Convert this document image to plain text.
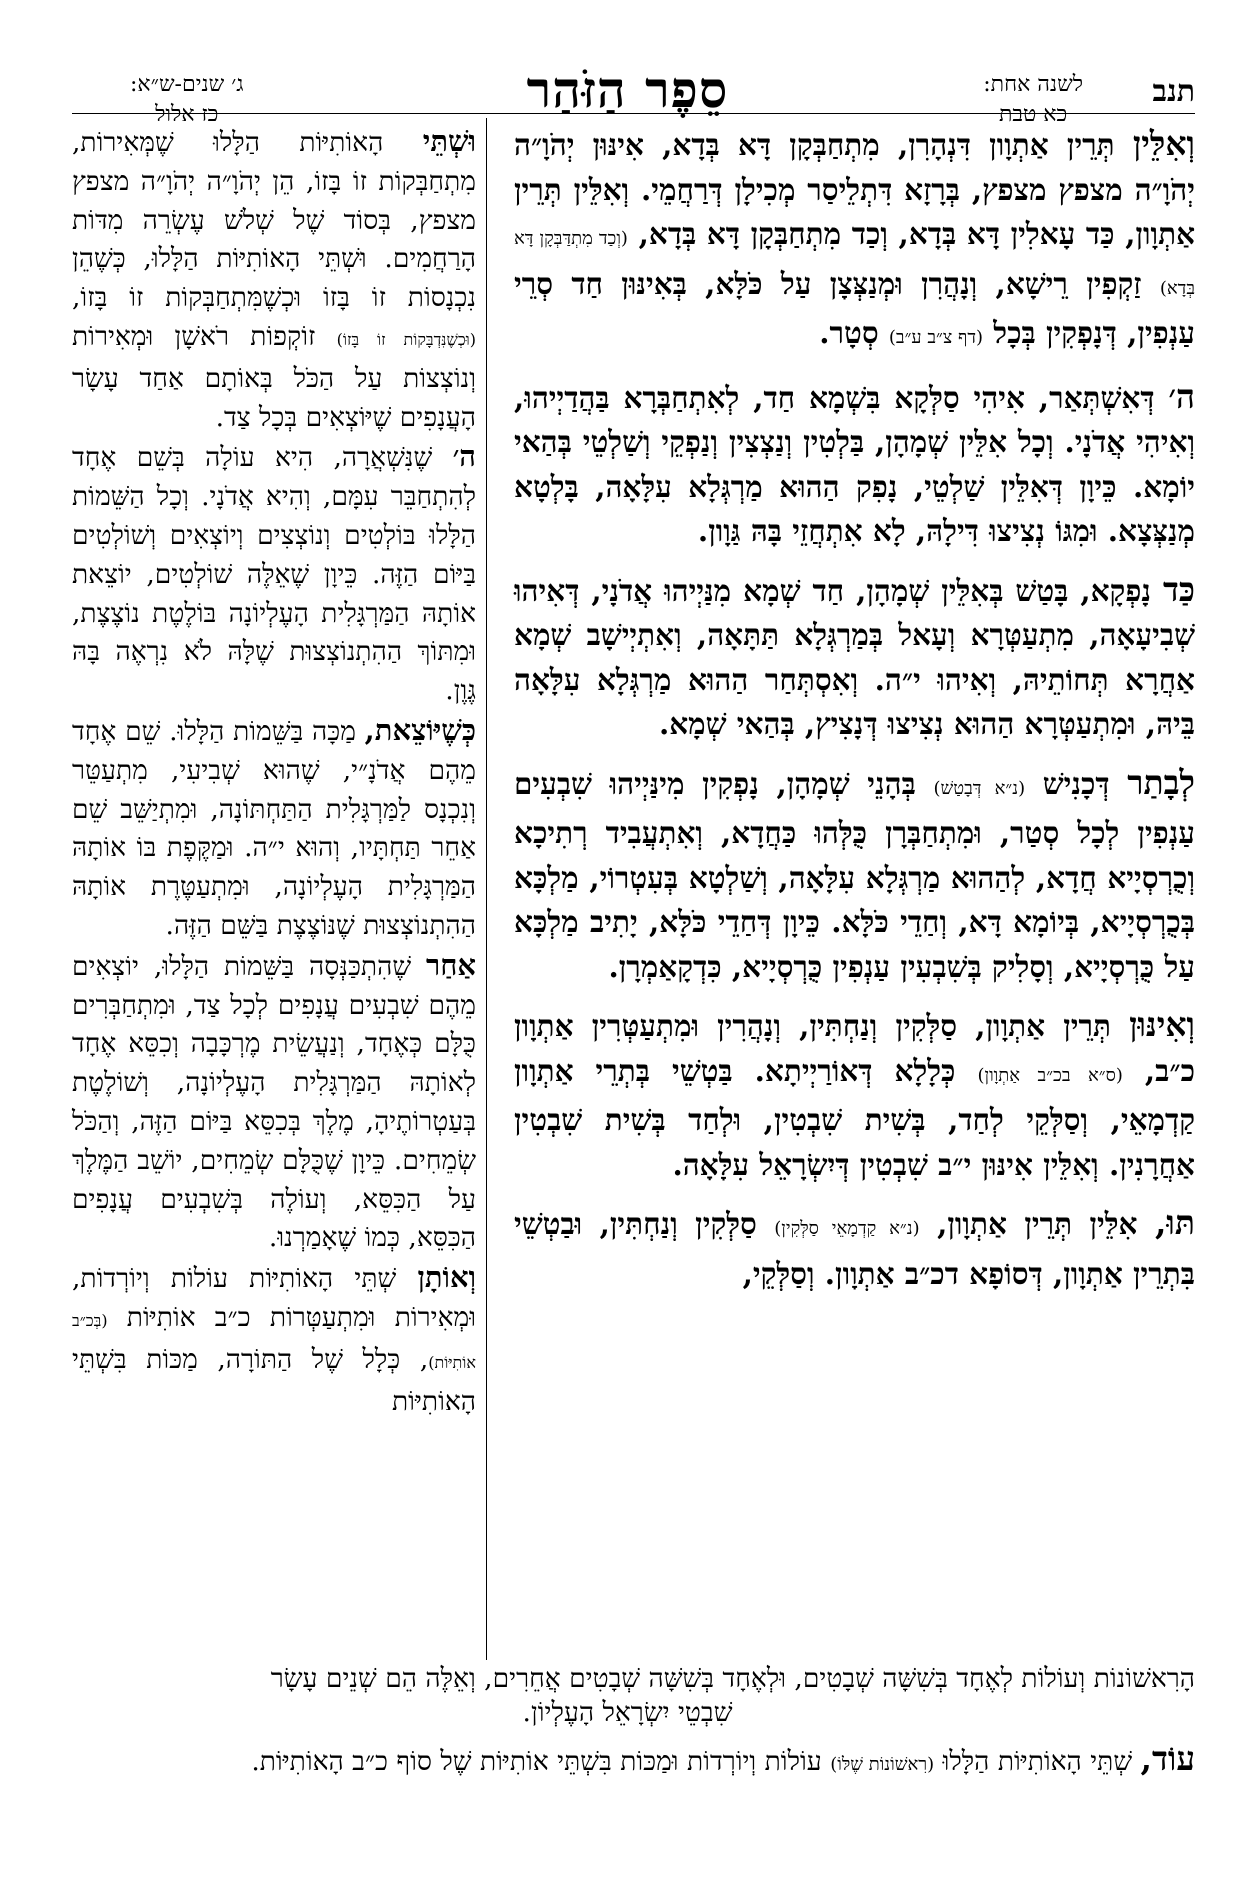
תנב
לשנה אחת:
כא טבת
סֵפֶר הַזֹּהַר
ג׳ שנים-ש״א:
כז אלול

וְאִלֵּין תְּרֵין אַתְוָון דִּנְהָרִן, מִתְחַבְּקָן דָּא בְּדָא, אִינּוּן יְהֹוָ״ה יְהֹוָ״ה מצפץ מצפץ, בְּרָזָא דִּתְלֵיסַר מְכִילָן דְּרַחֲמֵי. וְאִלֵּין תְּרֵין אַתְוָון, כַּד עָאלִין דָּא בְּדָא, וְכַד מִתְחַבְּקָן דָּא בְּדָא, (וְכַד מִתְדַּבְּקָן דָּא בְּדָא) זַקְפִין רֵישָׁא, וְנָהֲרִן וּמְנַצְּצָן עַל כֹּלָּא, בְּאִינּוּן חַד סְרֵי עַנְפִין, דְּנָפְקִין בְּכָל (דף צ״ב ע״ב) סְטָר.

ה׳ דְּאִשְׁתְּאַר, אִיהִי סַלְּקָא בִּשְׁמָא חַד, לְאִתְחַבְּרָא בַּהֲדַיְיהוּ, וְאִיהִי אֲדֹנָי. וְכָל אִלֵּין שְׁמָהָן, בַּלְטִין וְנַצְצִין וְנַפְקֵי וְשַׁלְטֵי בְּהַאי יוֹמָא. כֵּיוָן דְּאִלֵּין שַׁלְטֵי, נָפִק הַהוּא מַרְגְּלָא עִלָּאָה, בָּלְטָא מְנַצְּצָא. וּמִגּוֹ נְצִיצוּ דִּילָהּ, לָא אִתְחֲזֵי בָּהּ גַּוָון.

כַּד נָפְקָא, בָּטַשׁ בְּאִלֵּין שְׁמָהָן, חַד שְׁמָא מִנַּיְיהוּ אֲדֹנָי, דְּאִיהוּ שְׁבִיעָאָה, מִתְעַטְּרָא וְעָאל בְּמַרְגְּלָא תַּתָּאָה, וְאִתְיְישָׁב שְׁמָא אַחֲרָא תְּחוֹתֵיהּ, וְאִיהוּ י״ה. וְאִסְתְּחַר הַהוּא מַרְגְּלָא עִלָּאָה בֵּיהּ, וּמִתְעַטְּרָא הַהוּא נְצִיצוּ דְּנָצִיץ, בְּהַאי שְׁמָא.

לְבָתַר דְּכָנִישׁ (נ״א דְּבָטַשׁ) בְּהָנֵי שְׁמָהָן, נָפְקִין מִינַּיְיהוּ שִׁבְעִים עַנְפִין לְכָל סְטַר, וּמִתְחַבְּרָן כֻּלְּהוּ כַּחֲדָא, וְאִתְעֲבִיד רְתִיכָא וְכֻרְסְיָיא חֲדָא, לְהַהוּא מַרְגְּלָא עִלָּאָה, וְשַׁלְטָא בְּעִטְרוֹי, מַלְכָּא בְּכֻרְסְיָיא, בְּיוֹמָא דָּא, וְחַדֵי כֹּלָּא. כֵּיוָן דְּחַדֵי כֹּלָּא, יָתִיב מַלְכָּא עַל כֻּרְסְיָיא, וְסָלִיק בְּשִׁבְעִין עַנְפִין כֻּרְסְיָיא, כִּדְקָאַמְרָן.

וְאִינּוּן תְּרֵין אַתְוָון, סַלְּקִין וְנַחְתִּין, וְנָהֲרִין וּמִתְעַטְּרִין אַתְוָון כ״ב, (ס״א בכ״ב אַתְוָון) כְּלָלָא דְּאוֹרַיְיתָא. בַּטְשֵׁי בְּתְרֵי אַתְוָון קַדְמָאֵי, וְסַלְּקֵי לְחַד, בְּשִׁית שִׁבְטִין, וּלְחַד בְּשִׁית שִׁבְטִין אַחֲרָנִין. וְאִלֵּין אִינּוּן י״ב שִׁבְטִין דְּיִשְׂרָאֵל עִלָּאָה.

תּוּ, אִלֵּין תְּרֵין אַתְוָון, (נ״א קַדְמָאֵי סַלְּקִין) סַלְּקִין וְנַחְתִּין, וּבַטְשֵׁי בִּתְרֵין אַתְוָון, דְּסוֹפָא דכ״ב אַתְוָון. וְסַלְּקֵי,

וּשְׁתֵּי הָאוֹתִיּוֹת הַלָּלוּ שֶׁמְּאִירוֹת, מִתְחַבְּקוֹת זוֹ בָּזוֹ, הֵן יְהֹוָ״ה יְהֹוָ״ה מצפץ מצפץ, בְּסוֹד שֶׁל שְׁלֹשׁ עֶשְׂרֵה מִדּוֹת הָרַחֲמִים. וּשְׁתֵּי הָאוֹתִיּוֹת הַלָּלוּ, כְּשֶׁהֵן נִכְנָסוֹת זוֹ בָּזוֹ וּכְשֶׁמִּתְחַבְּקוֹת זוֹ בָּזוֹ, (וּכְשֶׁנִּדְבָּקוֹת זוֹ בָּזוֹ) זוֹקְפוֹת רֹאשָׁן וּמְאִירוֹת וְנוֹצְצוֹת עַל הַכֹּל בְּאוֹתָם אַחַד עָשָׂר הָעֲנָפִים שֶׁיּוֹצְאִים בְּכָל צַד.

ה׳ שֶׁנִּשְׁאֲרָה, הִיא עוֹלָה בְּשֵׁם אֶחָד לְהִתְחַבֵּר עִמָּם, וְהִיא אֲדֹנָי. וְכָל הַשֵּׁמוֹת הַלָּלוּ בּוֹלְטִים וְנוֹצְצִים וְיוֹצְאִים וְשׁוֹלְטִים בַּיּוֹם הַזֶּה. כֵּיוָן שֶׁאֵלֶּה שׁוֹלְטִים, יוֹצֵאת אוֹתָהּ הַמַּרְגָּלִית הָעֶלְיוֹנָה בּוֹלֶטֶת נוֹצֶצֶת, וּמִתּוֹךְ הַהִתְנוֹצְצוּת שֶׁלָּהּ לֹא נִרְאֶה בָּהּ גֶּוֶן.

כְּשֶׁיּוֹצֵאת, מַכָּה בַּשֵּׁמוֹת הַלָּלוּ. שֵׁם אֶחָד מֵהֶם אֲדֹנָ״י, שֶׁהוּא שְׁבִיעִי, מִתְעַטֵּר וְנִכְנָס לַמַּרְגָּלִית הַתַּחְתּוֹנָה, וּמִתְיַשֵּׁב שֵׁם אַחֵר תַּחְתָּיו, וְהוּא י״ה. וּמַקֶּפֶת בּוֹ אוֹתָהּ הַמַּרְגָּלִית הָעֶלְיוֹנָה, וּמִתְעַטֶּרֶת אוֹתָהּ הַהִתְנוֹצְצוּת שֶׁנּוֹצֶצֶת בַּשֵּׁם הַזֶּה.

אַחַר שֶׁהִתְכַּנְּסָה בַּשֵּׁמוֹת הַלָּלוּ, יוֹצְאִים מֵהֶם שִׁבְעִים עֲנָפִים לְכָל צַד, וּמִתְחַבְּרִים כֻּלָּם כְּאֶחָד, וְנַעֲשֵׂית מֶרְכָּבָה וְכִסֵּא אֶחָד לְאוֹתָהּ הַמַּרְגָּלִית הָעֶלְיוֹנָה, וְשׁוֹלֶטֶת בְּעַטְרוֹתֶיהָ, מֶלֶךְ בְּכִסֵּא בַּיּוֹם הַזֶּה, וְהַכֹּל שְׂמֵחִים. כֵּיוָן שֶׁכֻּלָּם שְׂמֵחִים, יוֹשֵׁב הַמֶּלֶךְ עַל הַכִּסֵּא, וְעוֹלֶה בְּשִׁבְעִים עֲנָפִים הַכִּסֵּא, כְּמוֹ שֶׁאָמַרְנוּ.

וְאוֹתָן שְׁתֵּי הָאוֹתִיּוֹת עוֹלוֹת וְיוֹרְדוֹת, וּמְאִירוֹת וּמִתְעַטְּרוֹת כ״ב אוֹתִיּוֹת (בְּכ״ב אוֹתִיּוֹת), כְּלָל שֶׁל הַתּוֹרָה, מַכּוֹת בִּשְׁתֵּי הָאוֹתִיּוֹת

הָרִאשׁוֹנוֹת וְעוֹלוֹת לְאֶחָד בְּשִׁשָּׁה שְׁבָטִים, וּלְאֶחָד בְּשִׁשָּׁה שְׁבָטִים אֲחֵרִים, וְאֵלֶּה הֵם שְׁנֵים עָשָׂר

שִׁבְטֵי יִשְׂרָאֵל הָעֶלְיוֹן.

עוֹד, שְׁתֵּי הָאוֹתִיּוֹת הַלָּלוּ (רִאשׁוֹנוֹת שֶׁלּוֹ) עוֹלוֹת וְיוֹרְדוֹת וּמַכּוֹת בִּשְׁתֵּי אוֹתִיּוֹת שֶׁל סוֹף כ״ב הָאוֹתִיּוֹת.
